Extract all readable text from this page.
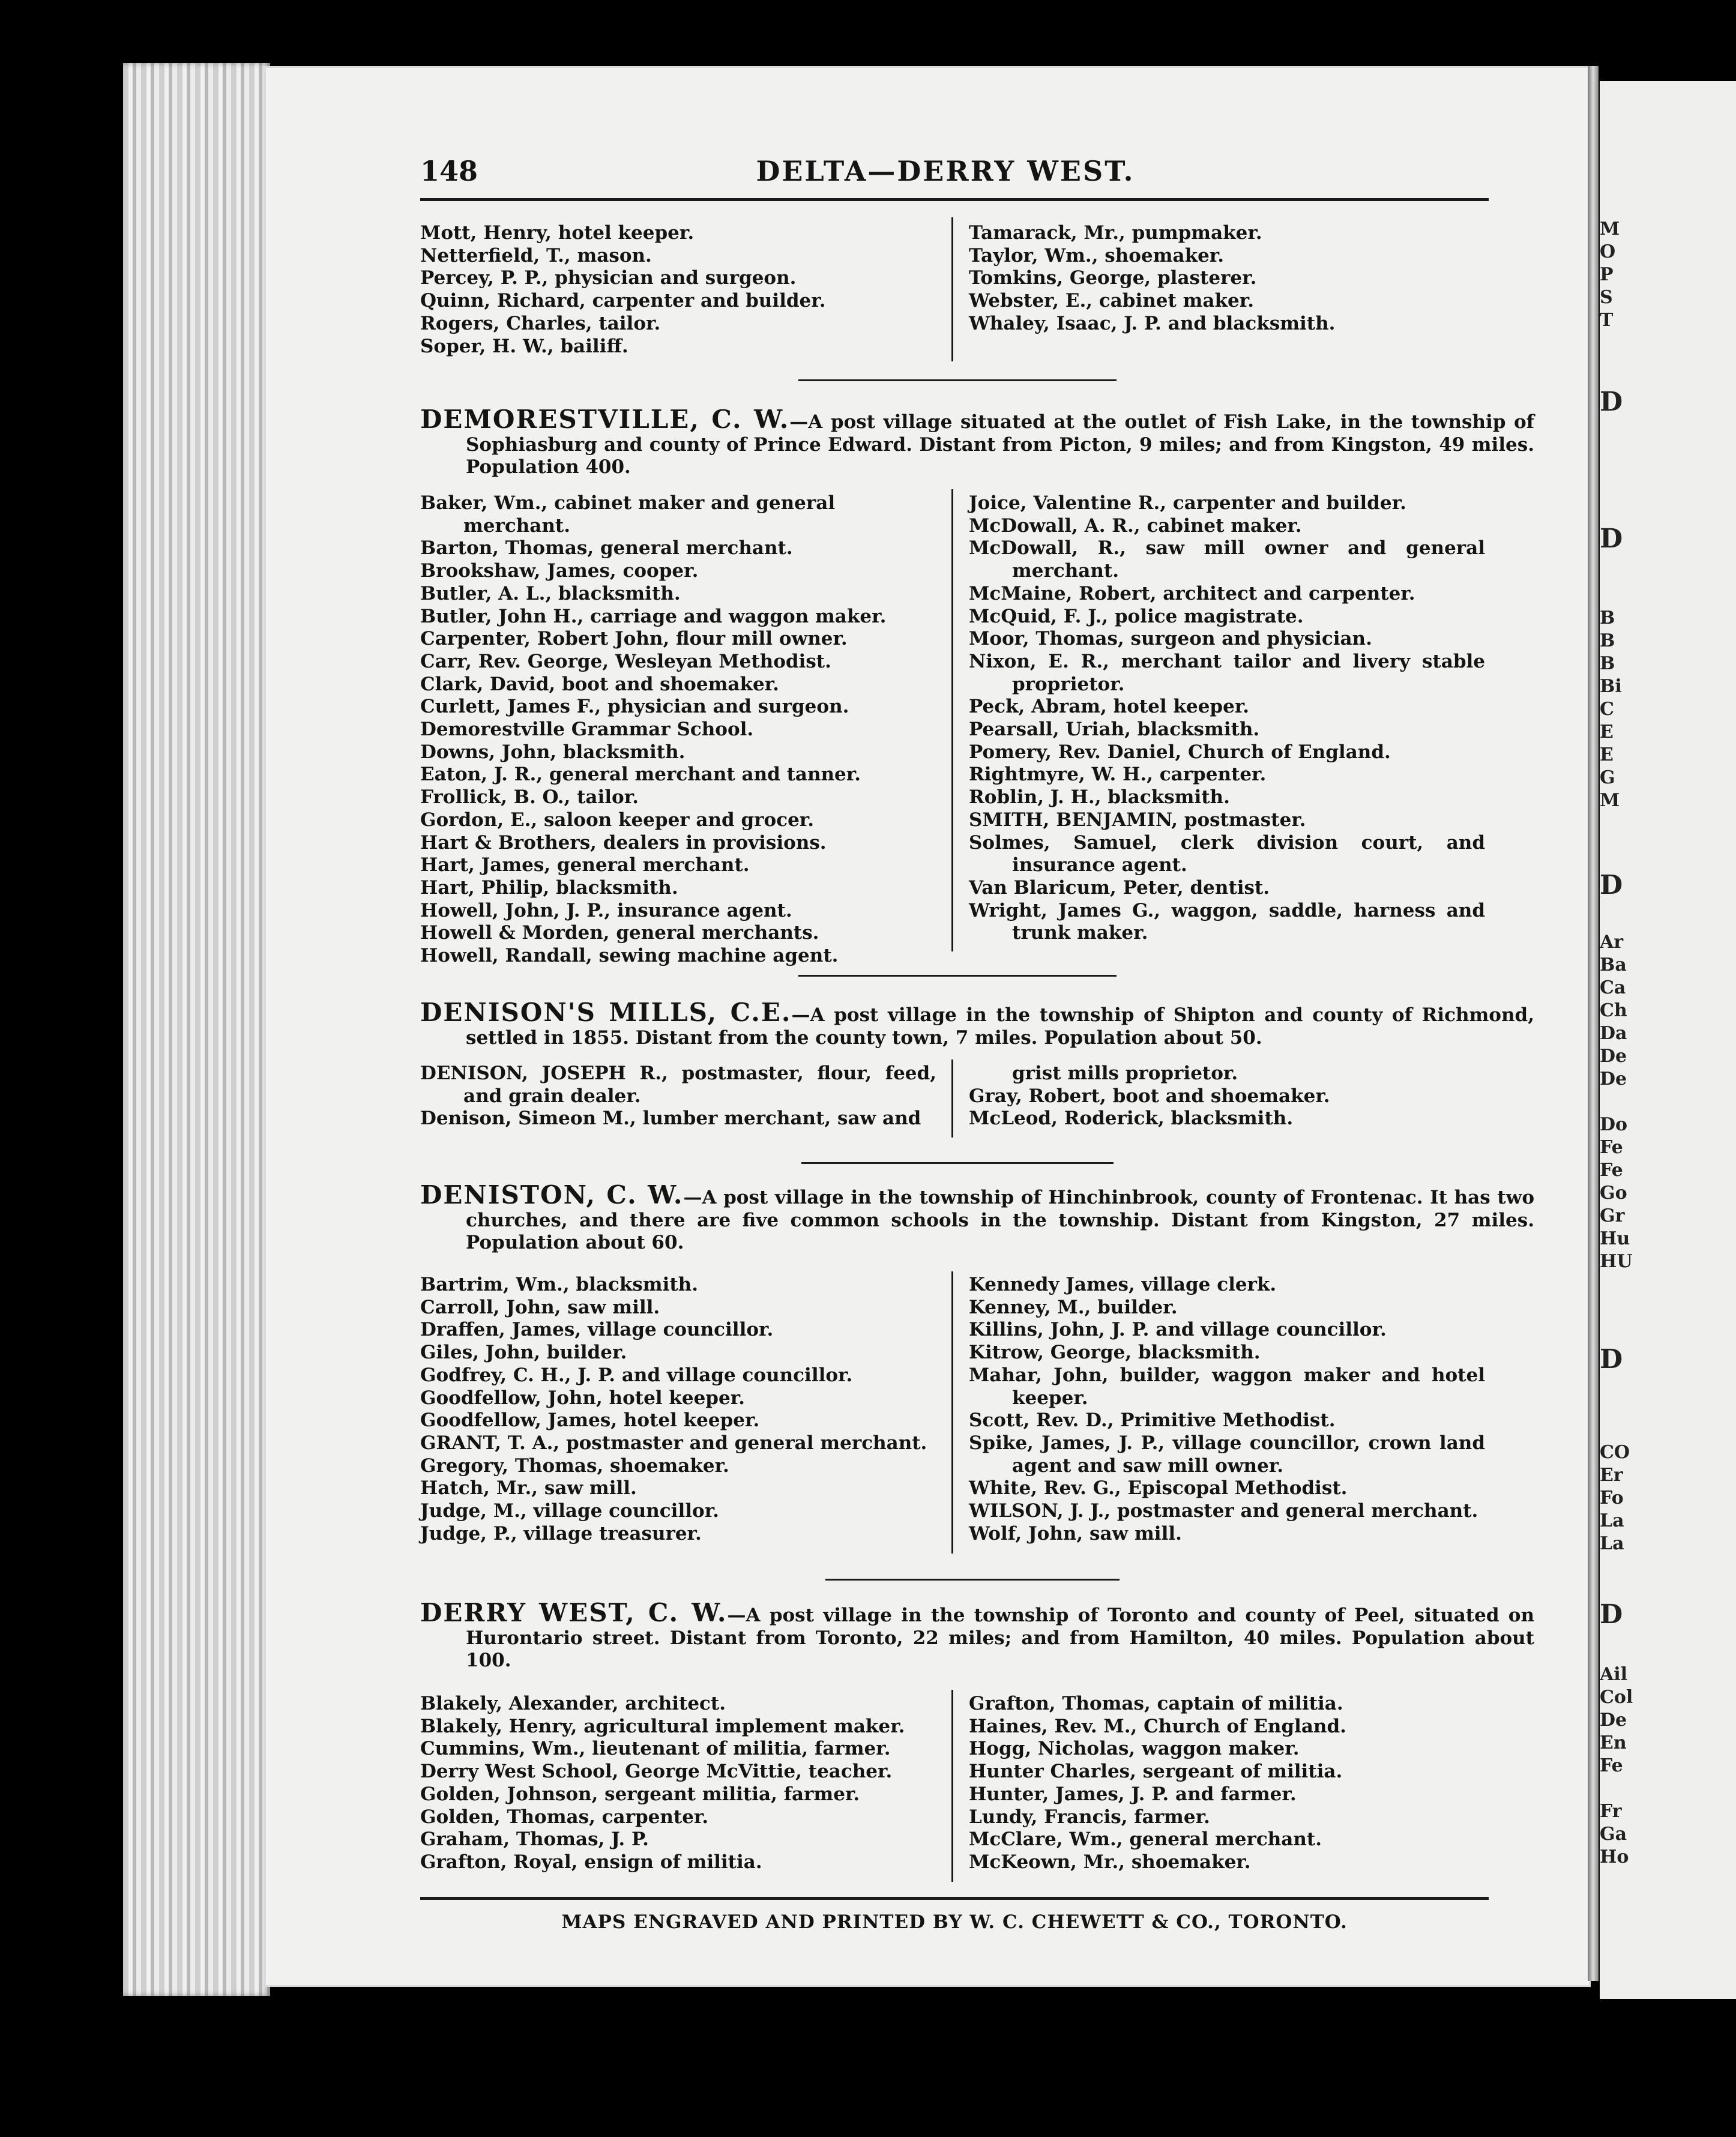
M
O
P
S
T
D
D
B
B
B
Bi
C
E
E
G
M
D
Ar
Ba
Ca
Ch
Da
De
De
Do
Fe
Fe
Go
Gr
Hu
HU
D
CO
Er
Fo
La
La
D
Ail
Col
De
En
Fe
Fr
Ga
Ho
148	DELTA—DERRY WEST.
Mott, Henry, hotel keeper.
Netterfield, T., mason.
Percey, P. P., physician and surgeon.
Quinn, Richard, carpenter and builder.
Rogers, Charles, tailor.
Soper, H. W., bailiff.
Tamarack, Mr., pumpmaker.
Taylor, Wm., shoemaker.
Tomkins, George, plasterer.
Webster, E., cabinet maker.
Whaley, Isaac, J. P. and blacksmith.
DEMORESTVILLE, C. W.—A post village situated at the outlet of Fish Lake, in the township of Sophiasburg and county of Prince Edward. Distant from Picton, 9 miles; and from Kingston, 49 miles. Population 400.
Baker, Wm., cabinet maker and general merchant.
Barton, Thomas, general merchant.
Brookshaw, James, cooper.
Butler, A. L., blacksmith.
Butler, John H., carriage and waggon maker.
Carpenter, Robert John, flour mill owner.
Carr, Rev. George, Wesleyan Methodist.
Clark, David, boot and shoemaker.
Curlett, James F., physician and surgeon.
Demorestville Grammar School.
Downs, John, blacksmith.
Eaton, J. R., general merchant and tanner.
Frollick, B. O., tailor.
Gordon, E., saloon keeper and grocer.
Hart & Brothers, dealers in provisions.
Hart, James, general merchant.
Hart, Philip, blacksmith.
Howell, John, J. P., insurance agent.
Howell & Morden, general merchants.
Howell, Randall, sewing machine agent.
Joice, Valentine R., carpenter and builder.
McDowall, A. R., cabinet maker.
McDowall, R., saw mill owner and general merchant.
McMaine, Robert, architect and carpenter.
McQuid, F. J., police magistrate.
Moor, Thomas, surgeon and physician.
Nixon, E. R., merchant tailor and livery stable proprietor.
Peck, Abram, hotel keeper.
Pearsall, Uriah, blacksmith.
Pomery, Rev. Daniel, Church of England.
Rightmyre, W. H., carpenter.
Roblin, J. H., blacksmith.
SMITH, BENJAMIN, postmaster.
Solmes, Samuel, clerk division court, and insurance agent.
Van Blaricum, Peter, dentist.
Wright, James G., waggon, saddle, harness and trunk maker.
DENISON'S MILLS, C.E.—A post village in the township of Shipton and county of Richmond, settled in 1855. Distant from the county town, 7 miles. Population about 50.
DENISON, JOSEPH R., postmaster, flour, feed, and grain dealer.
Denison, Simeon M., lumber merchant, saw and
grist mills proprietor.
Gray, Robert, boot and shoemaker.
McLeod, Roderick, blacksmith.
DENISTON, C. W.—A post village in the township of Hinchinbrook, county of Frontenac. It has two churches, and there are five common schools in the township. Distant from Kingston, 27 miles. Population about 60.
Bartrim, Wm., blacksmith.
Carroll, John, saw mill.
Draffen, James, village councillor.
Giles, John, builder.
Godfrey, C. H., J. P. and village councillor.
Goodfellow, John, hotel keeper.
Goodfellow, James, hotel keeper.
GRANT, T. A., postmaster and general merchant.
Gregory, Thomas, shoemaker.
Hatch, Mr., saw mill.
Judge, M., village councillor.
Judge, P., village treasurer.
Kennedy James, village clerk.
Kenney, M., builder.
Killins, John, J. P. and village councillor.
Kitrow, George, blacksmith.
Mahar, John, builder, waggon maker and hotel keeper.
Scott, Rev. D., Primitive Methodist.
Spike, James, J. P., village councillor, crown land agent and saw mill owner.
White, Rev. G., Episcopal Methodist.
WILSON, J. J., postmaster and general merchant.
Wolf, John, saw mill.
DERRY WEST, C. W.—A post village in the township of Toronto and county of Peel, situated on Hurontario street. Distant from Toronto, 22 miles; and from Hamilton, 40 miles. Population about 100.
Blakely, Alexander, architect.
Blakely, Henry, agricultural implement maker.
Cummins, Wm., lieutenant of militia, farmer.
Derry West School, George McVittie, teacher.
Golden, Johnson, sergeant militia, farmer.
Golden, Thomas, carpenter.
Graham, Thomas, J. P.
Grafton, Royal, ensign of militia.
Grafton, Thomas, captain of militia.
Haines, Rev. M., Church of England.
Hogg, Nicholas, waggon maker.
Hunter Charles, sergeant of militia.
Hunter, James, J. P. and farmer.
Lundy, Francis, farmer.
McClare, Wm., general merchant.
McKeown, Mr., shoemaker.
MAPS ENGRAVED AND PRINTED BY W. C. CHEWETT & CO., TORONTO.
